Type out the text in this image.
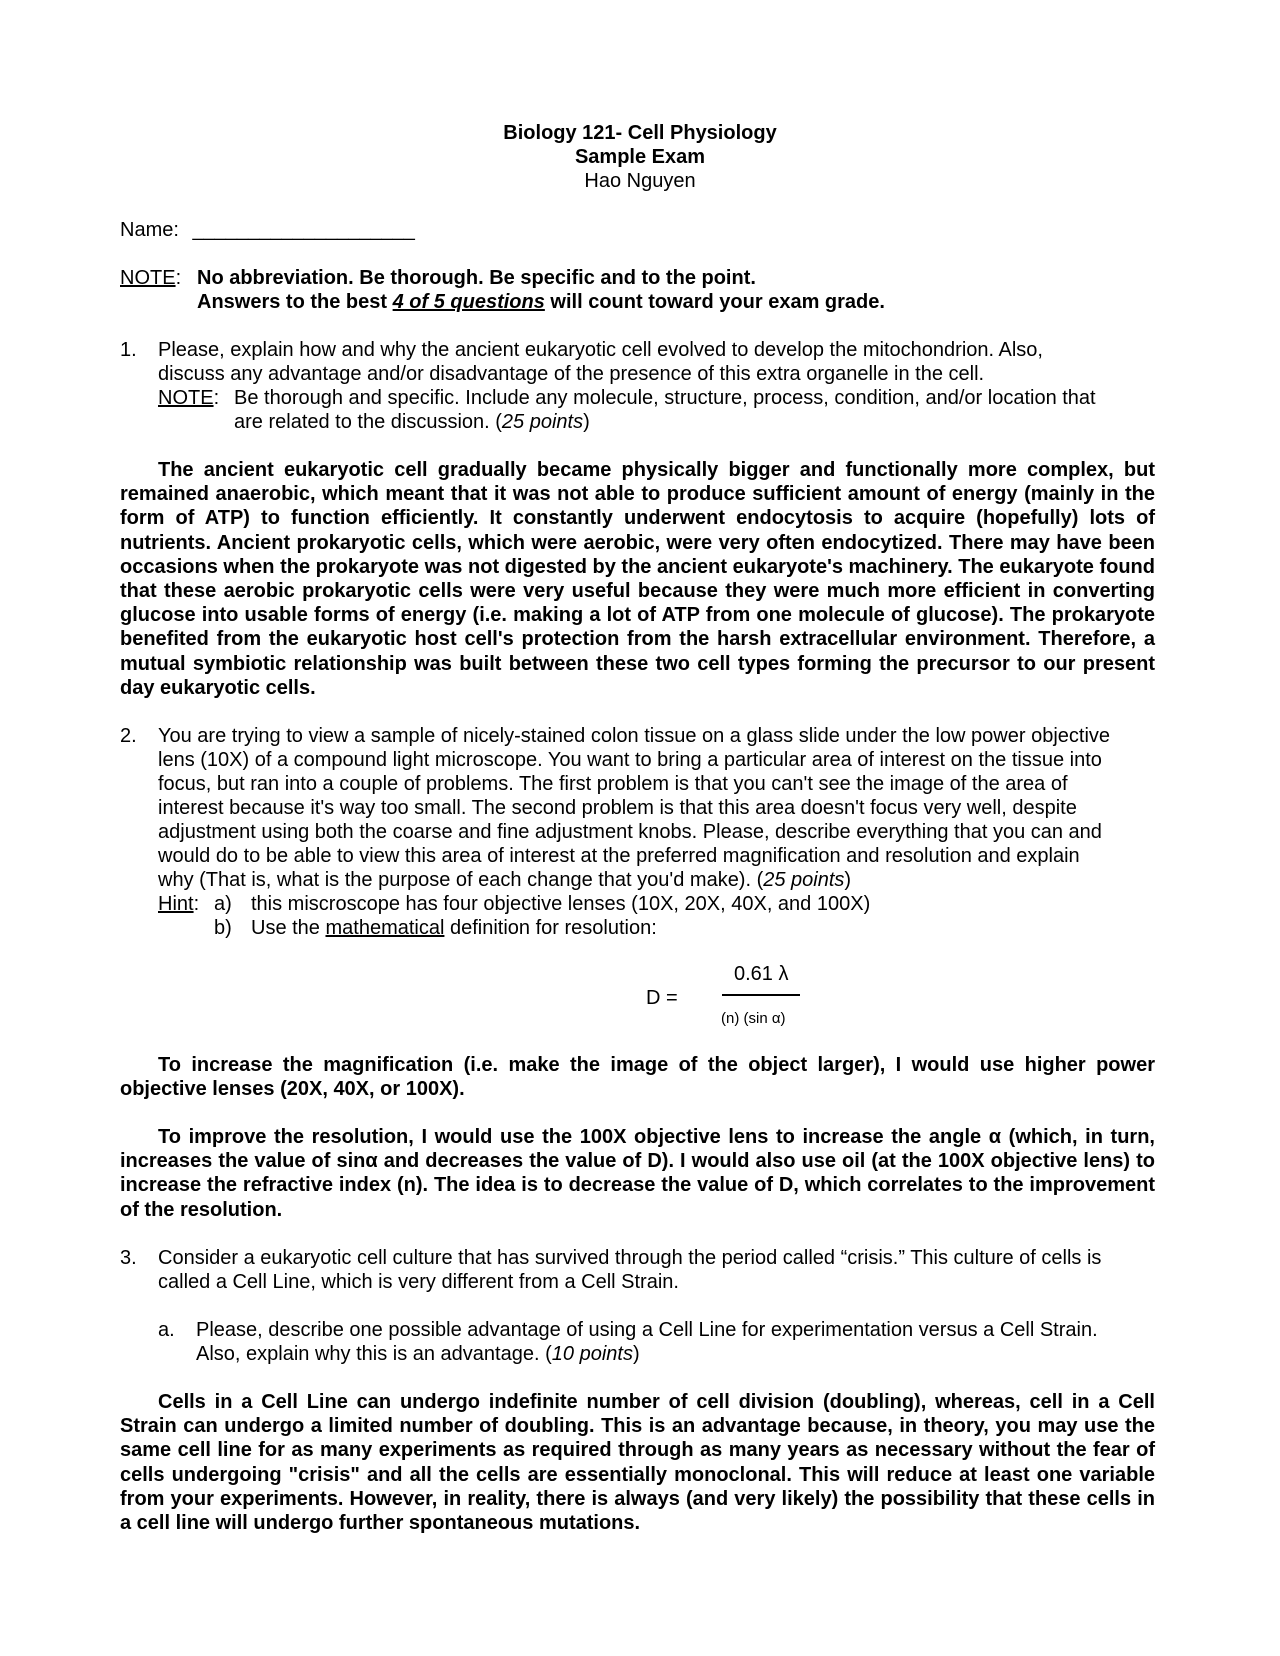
Biology 121- Cell Physiology
Sample Exam
Hao Nguyen
Name: ____________________
NOTE: No abbreviation. Be thorough. Be specific and to the point.
Answers to the best 4 of 5 questions will count toward your exam grade.
1. Please, explain how and why the ancient eukaryotic cell evolved to develop the mitochondrion. Also,
discuss any advantage and/or disadvantage of the presence of this extra organelle in the cell.
NOTE: Be thorough and specific. Include any molecule, structure, process, condition, and/or location that
are related to the discussion. (25 points)
The ancient eukaryotic cell gradually became physically bigger and functionally more complex, but remained anaerobic, which meant that it was not able to produce sufficient amount of energy (mainly in the form of ATP) to function efficiently. It constantly underwent endocytosis to acquire (hopefully) lots of nutrients. Ancient prokaryotic cells, which were aerobic, were very often endocytized. There may have been occasions when the prokaryote was not digested by the ancient eukaryote's machinery. The eukaryote found that these aerobic prokaryotic cells were very useful because they were much more efficient in converting glucose into usable forms of energy (i.e. making a lot of ATP from one molecule of glucose). The prokaryote benefited from the eukaryotic host cell's protection from the harsh extracellular environment. Therefore, a mutual symbiotic relationship was built between these two cell types forming the precursor to our present day eukaryotic cells.
2. You are trying to view a sample of nicely-stained colon tissue on a glass slide under the low power objective
lens (10X) of a compound light microscope. You want to bring a particular area of interest on the tissue into
focus, but ran into a couple of problems. The first problem is that you can't see the image of the area of
interest because it's way too small. The second problem is that this area doesn't focus very well, despite
adjustment using both the coarse and fine adjustment knobs. Please, describe everything that you can and
would do to be able to view this area of interest at the preferred magnification and resolution and explain
why (That is, what is the purpose of each change that you'd make). (25 points)
Hint: a) this miscroscope has four objective lenses (10X, 20X, 40X, and 100X)
b) Use the mathematical definition for resolution:
D =
0.61 λ
(n) (sin α)
To increase the magnification (i.e. make the image of the object larger), I would use higher power objective lenses (20X, 40X, or 100X).
To improve the resolution, I would use the 100X objective lens to increase the angle α (which, in turn, increases the value of sinα and decreases the value of D). I would also use oil (at the 100X objective lens) to increase the refractive index (n). The idea is to decrease the value of D, which correlates to the improvement of the resolution.
3. Consider a eukaryotic cell culture that has survived through the period called “crisis.” This culture of cells is
called a Cell Line, which is very different from a Cell Strain.
a. Please, describe one possible advantage of using a Cell Line for experimentation versus a Cell Strain.
Also, explain why this is an advantage. (10 points)
Cells in a Cell Line can undergo indefinite number of cell division (doubling), whereas, cell in a Cell Strain can undergo a limited number of doubling. This is an advantage because, in theory, you may use the same cell line for as many experiments as required through as many years as necessary without the fear of cells undergoing "crisis" and all the cells are essentially monoclonal. This will reduce at least one variable from your experiments. However, in reality, there is always (and very likely) the possibility that these cells in a cell line will undergo further spontaneous mutations.
